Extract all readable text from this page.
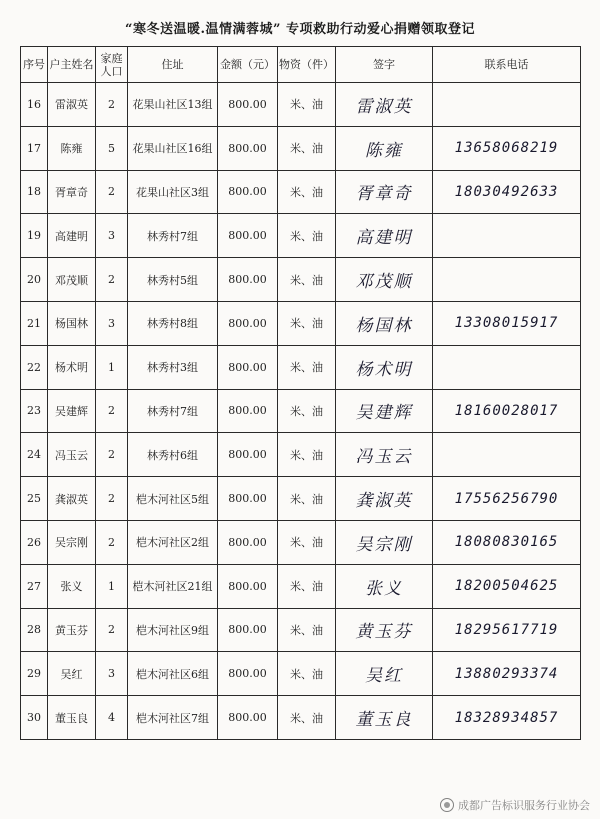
“寒冬送温暖.温情满蓉城” 专项救助行动爱心捐赠领取登记
序号	户主姓名	家庭人口	住址	金额（元）	物资（件）	签字	联系电话
16	雷淑英	2	花果山社区13组	800.00	米、油	雷淑英	
17	陈雍	5	花果山社区16组	800.00	米、油	陈雍	13658068219
18	胥章奇	2	花果山社区3组	800.00	米、油	胥章奇	18030492633
19	高建明	3	林秀村7组	800.00	米、油	高建明	
20	邓茂顺	2	林秀村5组	800.00	米、油	邓茂顺	
21	杨国林	3	林秀村8组	800.00	米、油	杨国林	13308015917
22	杨术明	1	林秀村3组	800.00	米、油	杨术明	
23	吴建辉	2	林秀村7组	800.00	米、油	吴建辉	18160028017
24	冯玉云	2	林秀村6组	800.00	米、油	冯玉云	
25	龚淑英	2	桤木河社区5组	800.00	米、油	龚淑英	17556256790
26	吴宗刚	2	桤木河社区2组	800.00	米、油	吴宗刚	18080830165
27	张义	1	桤木河社区21组	800.00	米、油	张义	18200504625
28	黄玉芬	2	桤木河社区9组	800.00	米、油	黄玉芬	18295617719
29	吴红	3	桤木河社区6组	800.00	米、油	吴红	13880293374
30	董玉良	4	桤木河社区7组	800.00	米、油	董玉良	18328934857
成都广告标识服务行业协会
